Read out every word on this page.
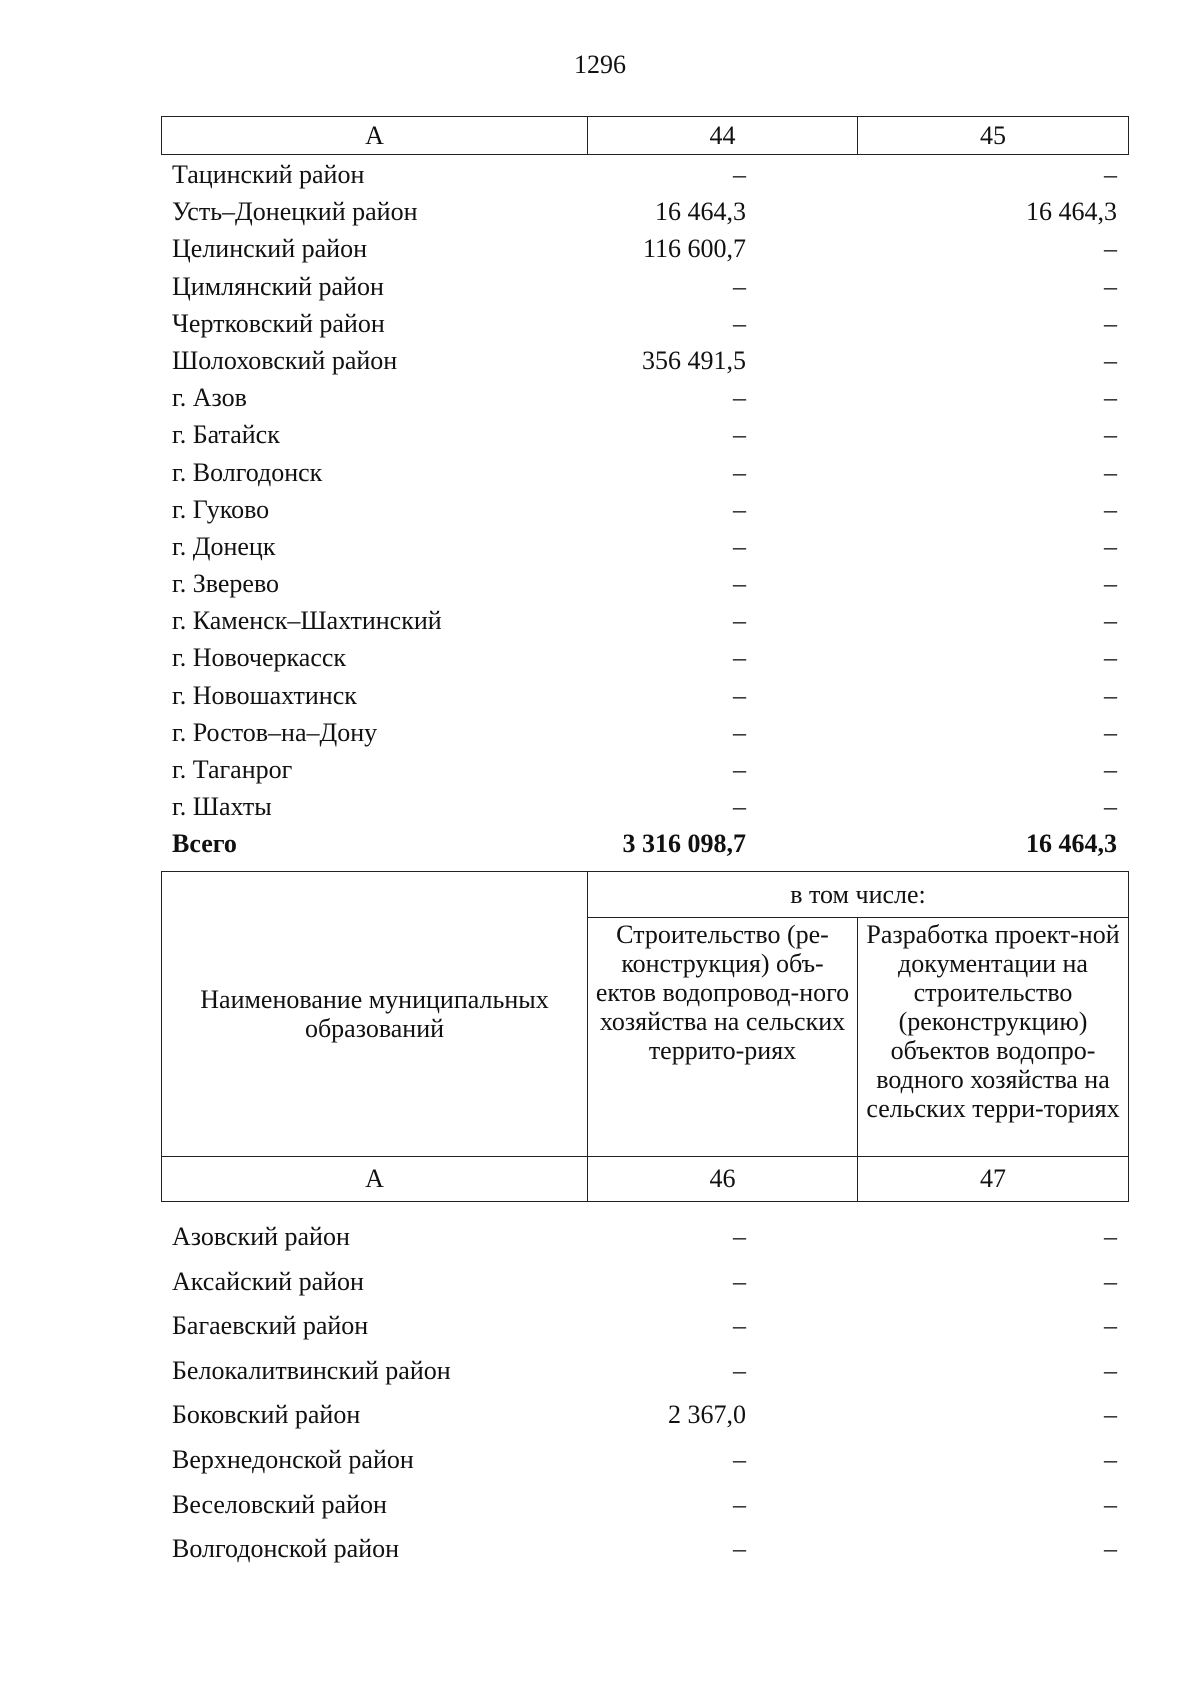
1296
А	44	45
Тацинский район	–	–
Усть–Донецкий район	16 464,3	16 464,3
Целинский район	116 600,7	–
Цимлянский район	–	–
Чертковский район	–	–
Шолоховский район	356 491,5	–
г. Азов	–	–
г. Батайск	–	–
г. Волгодонск	–	–
г. Гуково	–	–
г. Донецк	–	–
г. Зверево	–	–
г. Каменск–Шахтинский	–	–
г. Новочеркасск	–	–
г. Новошахтинск	–	–
г. Ростов–на–Дону	–	–
г. Таганрог	–	–
г. Шахты	–	–
Всего	3 316 098,7	16 464,3
Наименование муниципальных образований	в том числе:	
	Строительство (ре-конструкция) объ-ектов водопровод-ного хозяйства на сельских террито-риях	Разработка проект-ной документации на строительство (реконструкцию) объектов водопро-водного хозяйства на сельских терри-ториях
А	46	47
Азовский район	–	–
Аксайский район	–	–
Багаевский район	–	–
Белокалитвинский район	–	–
Боковский район	2 367,0	–
Верхнедонской район	–	–
Веселовский район	–	–
Волгодонской район	–	–
